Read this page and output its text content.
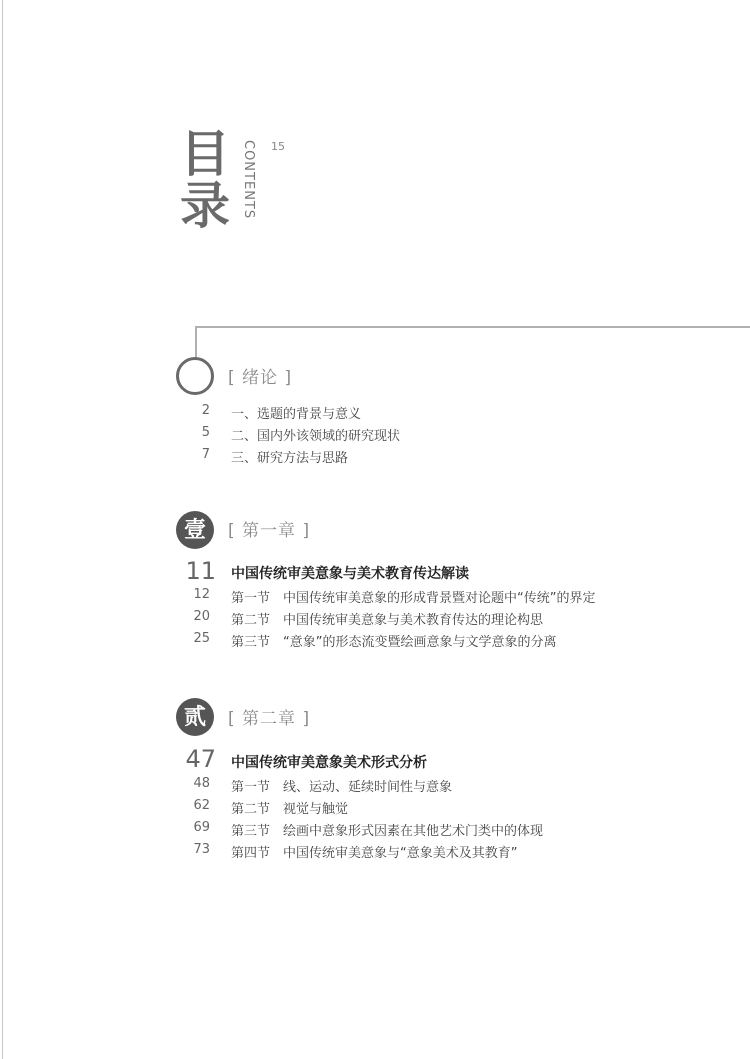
目
录 CONTENTS 15
[ 绪论 ]
2 一、选题的背景与意义
5 二、国内外该领域的研究现状
7 三、研究方法与思路
壹	[ 第一章 ]
11 中国传统审美意象与美术教育传达解读
12 第一节　中国传统审美意象的形成背景暨对论题中“传统”的界定
20 第二节　中国传统审美意象与美术教育传达的理论构思
25 第三节　“意象”的形态流变暨绘画意象与文学意象的分离
贰	[ 第二章 ]
47 中国传统审美意象美术形式分析
48 第一节　线、运动、延续时间性与意象
62 第二节　视觉与触觉
69 第三节　绘画中意象形式因素在其他艺术门类中的体现
73 第四节　中国传统审美意象与“意象美术及其教育”
